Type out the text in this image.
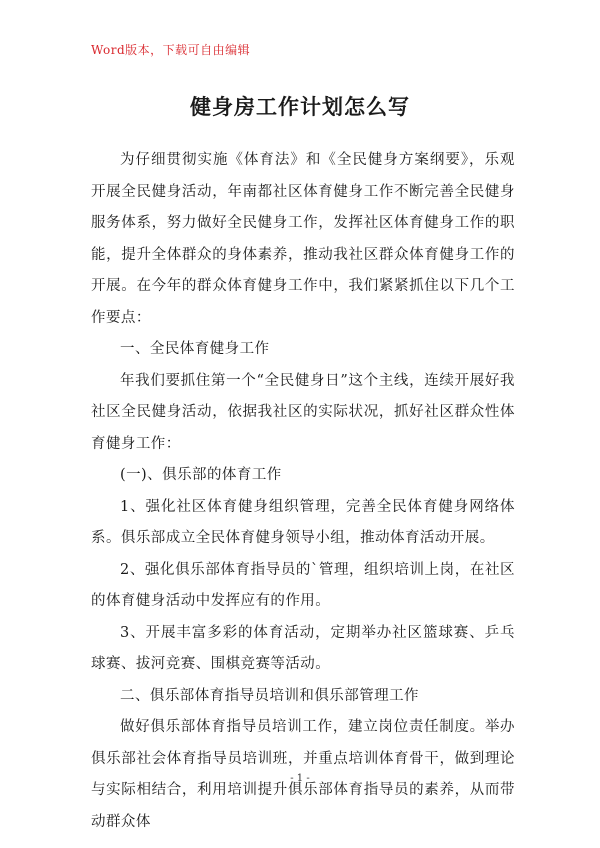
Word版本，下载可自由编辑
健身房工作计划怎么写

为仔细贯彻实施《体育法》和《全民健身方案纲要》，乐观开展全民健身活动，年南都社区体育健身工作不断完善全民健身服务体系，努力做好全民健身工作，发挥社区体育健身工作的职能，提升全体群众的身体素养，推动我社区群众体育健身工作的开展。在今年的群众体育健身工作中，我们紧紧抓住以下几个工作要点：

一、全民体育健身工作

年我们要抓住第一个“全民健身日”这个主线，连续开展好我社区全民健身活动，依据我社区的实际状况，抓好社区群众性体育健身工作：

(一)、俱乐部的体育工作

1、强化社区体育健身组织管理，完善全民体育健身网络体系。俱乐部成立全民体育健身领导小组，推动体育活动开展。

2、强化俱乐部体育指导员的`管理，组织培训上岗，在社区的体育健身活动中发挥应有的作用。

3、开展丰富多彩的体育活动，定期举办社区篮球赛、乒乓球赛、拔河竞赛、围棋竞赛等活动。

二、俱乐部体育指导员培训和俱乐部管理工作

做好俱乐部体育指导员培训工作，建立岗位责任制度。举办俱乐部社会体育指导员培训班，并重点培训体育骨干，做到理论与实际相结合，利用培训提升俱乐部体育指导员的素养，从而带动群众体

- 1 -
